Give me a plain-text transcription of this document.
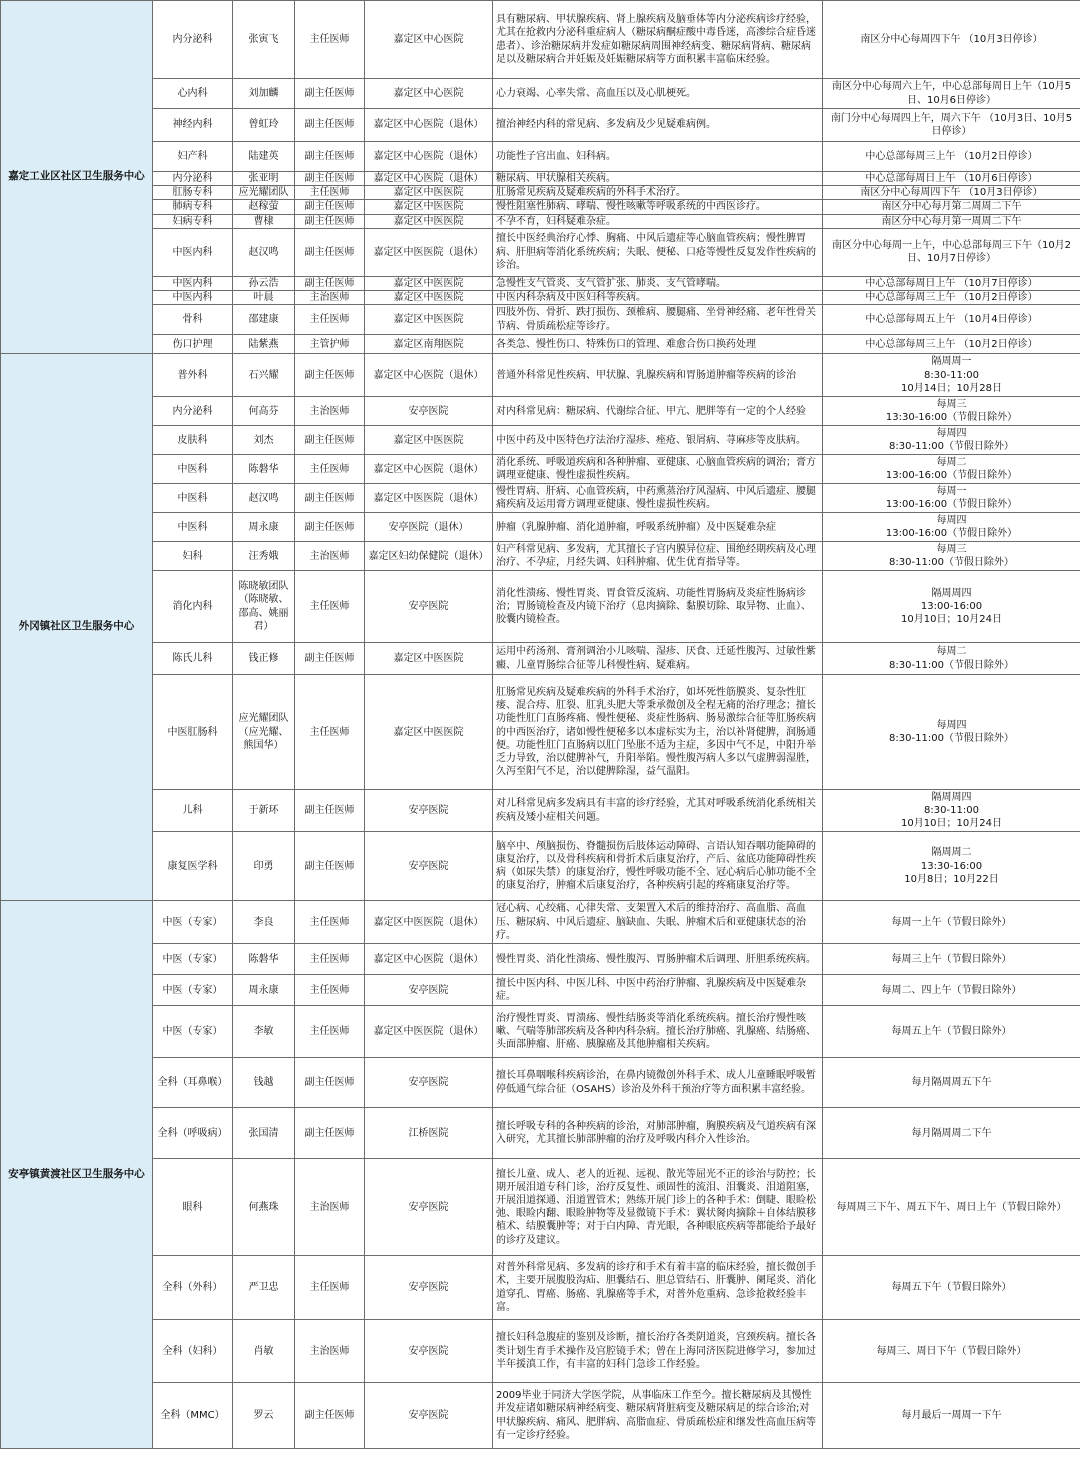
嘉定工业区社区卫生服务中心	内分泌科	张寅飞	主任医师	嘉定区中心医院	具有糖尿病、甲状腺疾病、肾上腺疾病及脑垂体等内分泌疾病诊疗经验，尤其在抢救内分泌科重症病人（糖尿病酮症酸中毒昏迷，高渗综合症昏迷患者）、诊治糖尿病并发症如糖尿病周围神经病变、糖尿病肾病、糖尿病足以及糖尿病合并妊娠及妊娠糖尿病等方面积累丰富临床经验。	南区分中心每周四下午 （10月3日停诊）
	心内科	刘加麟	副主任医师	嘉定区中心医院	心力衰竭、心率失常、高血压以及心肌梗死。	南区分中心每周六上午，中心总部每周日上午（10月5日、10月6日停诊）
	神经内科	曾虹玲	副主任医师	嘉定区中心医院（退休）	擅治神经内科的常见病、多发病及少见疑难病例。	南门分中心每周四上午，周六下午 （10月3日、10月5日停诊）
	妇产科	陆建英	副主任医师	嘉定区中心医院（退休）	功能性子宫出血、妇科病。	中心总部每周三上午 （10月2日停诊）
	内分泌科	张亚明	副主任医师	嘉定区中心医院（退休）	糖尿病、甲状腺相关疾病。	中心总部每周日上午 （10月6日停诊）
	肛肠专科	应光耀团队	主任医师	嘉定区中医医院	肛肠常见疾病及疑难疾病的外科手术治疗。	南区分中心每周四下午 （10月3日停诊）
	肺病专科	赵稼萤	副主任医师	嘉定区中医医院	慢性阻塞性肺病、哮喘、慢性咳嗽等呼吸系统的中西医诊疗。	南区分中心每月第二周周二下午
	妇病专科	曹棣	副主任医师	嘉定区中医医院	不孕不育，妇科疑难杂症。	南区分中心每月第一周周二下午
	中医内科	赵汉鸣	副主任医师	嘉定区中医医院（退休）	擅长中医经典治疗心悸、胸痛、中风后遗症等心脑血管疾病；慢性脾胃病、肝胆病等消化系统疾病；失眠、便秘、口疮等慢性反复发作性疾病的诊治。	南区分中心每周一上午，中心总部每周三下午（10月2日、10月7日停诊）
	中医内科	孙云浩	副主任医师	嘉定区中医医院	急慢性支气管炎、支气管扩张、肺炎、支气管哮喘。	中心总部每周日上午 （10月7日停诊）
	中医内科	叶晨	主治医师	嘉定区中医医院	中医内科杂病及中医妇科等疾病。	中心总部每周三上午 （10月2日停诊）
	骨科	邵建康	主任医师	嘉定区中医医院	四肢外伤、骨折、跌打损伤、颈椎病、腰腿痛、坐骨神经痛、老年性骨关节病、骨质疏松症等诊疗。	中心总部每周五上午 （10月4日停诊）
	伤口护理	陆紫燕	主管护师	嘉定区南翔医院	各类急、慢性伤口、特殊伤口的管理、难愈合伤口换药处理	中心总部每周三上午 （10月2日停诊）
外冈镇社区卫生服务中心	普外科	石兴耀	副主任医师	嘉定区中心医院（退休）	普通外科常见性疾病、甲状腺、乳腺疾病和胃肠道肿瘤等疾病的诊治	隔周周一
8:30-11:00
10月14日；10月28日
	内分泌科	何高芬	主治医师	安亭医院	对内科常见病：糖尿病、代谢综合征、甲亢、肥胖等有一定的个人经验	每周三
13:30-16:00（节假日除外）
	皮肤科	刘杰	副主任医师	嘉定区中医医院	中医中药及中医特色疗法治疗湿疹、痤疮、银屑病、荨麻疹等皮肤病。	每周四
8:30-11:00（节假日除外）
	中医科	陈磐华	主任医师	嘉定区中心医院（退休）	消化系统、呼吸道疾病和各种肿瘤、亚健康、心脑血管疾病的调治；膏方调理亚健康、慢性虚损性疾病。	每周二
13:00-16:00（节假日除外）
	中医科	赵汉鸣	副主任医师	嘉定区中医医院（退休）	慢性胃病、肝病、心血管疾病，中药熏蒸治疗风湿病、中风后遗症、腰腿痛疾病及运用膏方调理亚健康、慢性虚损性疾病。	每周一
13:00-16:00（节假日除外）
	中医科	周永康	副主任医师	安亭医院（退休）	肿瘤（乳腺肿瘤、消化道肿瘤，呼吸系统肿瘤）及中医疑难杂症	每周四
13:00-16:00（节假日除外）
	妇科	汪秀娥	主治医师	嘉定区妇幼保健院（退休）	妇产科常见病、多发病，尤其擅长子宫内膜异位症、围绝经期疾病及心理治疗、不孕症，月经失调、妇科肿瘤、优生优育指导等。	每周三
8:30-11:00（节假日除外）
	消化内科	陈晓敏团队（陈晓敏、邵高、姚丽君）	主任医师	安亭医院	消化性溃疡、慢性胃炎、胃食管反流病、功能性胃肠病及炎症性肠病诊治；胃肠镜检查及内镜下治疗（息肉摘除、黏膜切除、取异物、止血）、胶囊内镜检查。	隔周周四
13:00-16:00
10月10日；10月24日
	陈氏儿科	钱正修	副主任医师	嘉定区中医医院	运用中药汤剂、膏剂调治小儿咳喘、湿疹、厌食、迁延性腹泻、过敏性紫癜、儿童胃肠综合征等儿科慢性病、疑难病。	每周二
8:30-11:00（节假日除外）
	中医肛肠科	应光耀团队（应光耀、熊国华）	主任医师	嘉定区中医医院	肛肠常见疾病及疑难疾病的外科手术治疗，如坏死性筋膜炎、复杂性肛瘘、混合痔、肛裂、肛乳头肥大等秉承微创及全程无痛的治疗理念；擅长功能性肛门直肠疼痛、慢性便秘、炎症性肠病、肠易激综合征等肛肠疾病的中西医治疗，诸如慢性便秘多以本虚标实为主，治以补肾健脾，润肠通便。功能性肛门直肠病以肛门坠胀不适为主症，多因中气不足，中阳升举乏力导致，治以健脾补气，升阳举陷。慢性腹泻病人多以气虚脾弱湿胜，久泻至阳气不足，治以健脾除湿，益气温阳。	每周四
8:30-11:00（节假日除外）
	儿科	于新环	副主任医师	安亭医院	对儿科常见病多发病具有丰富的诊疗经验，尤其对呼吸系统消化系统相关疾病及矮小症相关问题。	隔周周四
8:30-11:00
10月10日；10月24日
	康复医学科	印勇	副主任医师	安亭医院	脑卒中、颅脑损伤、脊髓损伤后肢体运动障碍、言语认知吞咽功能障碍的康复治疗，以及骨科疾病和骨折术后康复治疗，产后、盆底功能障碍性疾病（如尿失禁）的康复治疗，慢性呼吸功能不全、冠心病后心肺功能不全的康复治疗，肿瘤术后康复治疗，各种疾病引起的疼痛康复治疗等。	隔周周二
13:30-16:00
10月8日；10月22日
安亭镇黄渡社区卫生服务中心	中医（专家）	李良	主任医师	嘉定区中医医院（退休）	冠心病、心绞痛、心律失常、支架置入术后的维持治疗、高血脂、高血压、糖尿病、中风后遗症、脑缺血、失眠、肿瘤术后和亚健康状态的治疗。	每周一上午（节假日除外）
	中医（专家）	陈磐华	主任医师	嘉定区中心医院（退休）	慢性胃炎、消化性溃疡、慢性腹泻、胃肠肿瘤术后调理、肝胆系统疾病。	每周三上午（节假日除外）
	中医（专家）	周永康	主任医师	安亭医院	擅长中医内科、中医儿科、中医中药治疗肿瘤、乳腺疾病及中医疑难杂症。	每周二、四上午（节假日除外）
	中医（专家）	李敏	主任医师	嘉定区中医医院（退休）	治疗慢性胃炎、胃溃疡、慢性结肠炎等消化系统疾病。擅长治疗慢性咳嗽、气喘等肺部疾病及各种内科杂病。擅长治疗肺癌、乳腺癌、结肠癌、头面部肿瘤、肝癌、胰腺癌及其他肿瘤相关疾病。	每周五上午（节假日除外）
	全科（耳鼻喉）	钱越	副主任医师	安亭医院	擅长耳鼻咽喉科疾病诊治，在鼻内镜微创外科手术、成人儿童睡眠呼吸暂停低通气综合征（OSAHS）诊治及外科干预治疗等方面积累丰富经验。	每月隔周周五下午
	全科（呼吸病）	张国清	副主任医师	江桥医院	擅长呼吸专科的各种疾病的诊治，对肺部肿瘤，胸膜疾病及气道疾病有深入研究，尤其擅长肺部肿瘤的治疗及呼吸内科介入性诊治。	每月隔周周二下午
	眼科	何燕珠	主治医师	安亭医院	擅长儿童、成人、老人的近视、远视、散光等屈光不正的诊治与防控；长期开展泪道专科门诊，治疗反复性、顽固性的流泪、泪囊炎、泪道阻塞，开展泪道探通、泪道置管术；熟练开展门诊上的各种手术：倒睫、眼睑松弛、眼睑内翻、眼睑肿物等及显微镜下手术：翼状胬肉摘除＋自体结膜移植术、结膜囊肿等；对于白内障、青光眼，各种眼底疾病等都能给予最好的诊疗及建议。	每周周三下午、周五下午、周日上午（节假日除外）
	全科（外科）	严卫忠	主任医师	安亭医院	对普外科常见病、多发病的诊疗和手术有着丰富的临床经验，擅长微创手术，主要开展腹股沟疝、胆囊结石、胆总管结石、肝囊肿、阑尾炎、消化道穿孔、胃癌、肠癌、乳腺癌等手术，对普外危重病、急诊抢救经验丰富。	每周五下午（节假日除外）
	全科（妇科）	肖敏	主治医师	安亭医院	擅长妇科急腹症的鉴别及诊断，擅长治疗各类阴道炎，宫颈疾病。擅长各类计划生育手术操作及宫腔镜手术；曾在上海同济医院进修学习，参加过半年援滇工作，有丰富的妇科门急诊工作经验。	每周三、周日下午（节假日除外）
	全科（MMC）	罗云	副主任医师	安亭医院	2009毕业于同济大学医学院，从事临床工作至今。擅长糖尿病及其慢性并发症诸如糖尿病神经病变、糖尿病肾脏病变及糖尿病足的综合诊治;对甲状腺疾病、痛风、肥胖病、高脂血症、骨质疏松症和继发性高血压病等有一定诊疗经验。	每月最后一周周一下午
